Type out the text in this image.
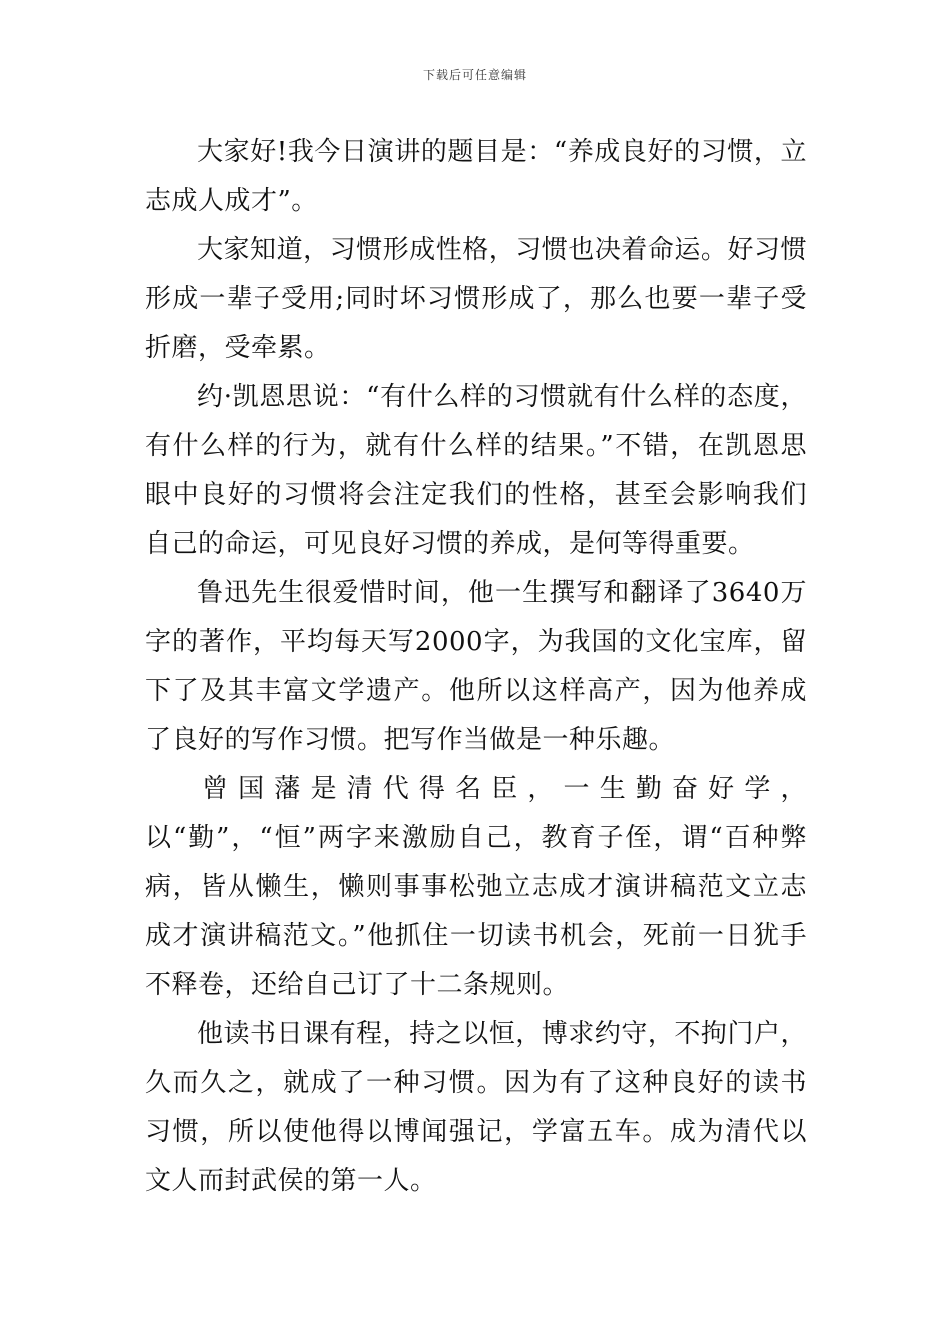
下载后可任意编辑

大家好!我今日演讲的题目是：“养成良好的习惯，立志成人成才”。

大家知道，习惯形成性格，习惯也决着命运。好习惯形成一辈子受用;同时坏习惯形成了，那么也要一辈子受折磨，受牵累。

约·凯恩思说：“有什么样的习惯就有什么样的态度，有什么样的行为，就有什么样的结果。”不错，在凯恩思眼中良好的习惯将会注定我们的性格，甚至会影响我们自己的命运，可见良好习惯的养成，是何等得重要。

鲁迅先生很爱惜时间，他一生撰写和翻译了3640万字的著作，平均每天写2000字，为我国的文化宝库，留下了及其丰富文学遗产。他所以这样高产，因为他养成了良好的写作习惯。把写作当做是一种乐趣。

曾国藩是清代得名臣，一生勤奋好学，以“勤”，“恒”两字来激励自己，教育子侄，谓“百种弊病，皆从懒生，懒则事事松弛立志成才演讲稿范文立志成才演讲稿范文。”他抓住一切读书机会，死前一日犹手不释卷，还给自己订了十二条规则。

他读书日课有程，持之以恒，博求约守，不拘门户，久而久之，就成了一种习惯。因为有了这种良好的读书习惯，所以使他得以博闻强记，学富五车。成为清代以文人而封武侯的第一人。
